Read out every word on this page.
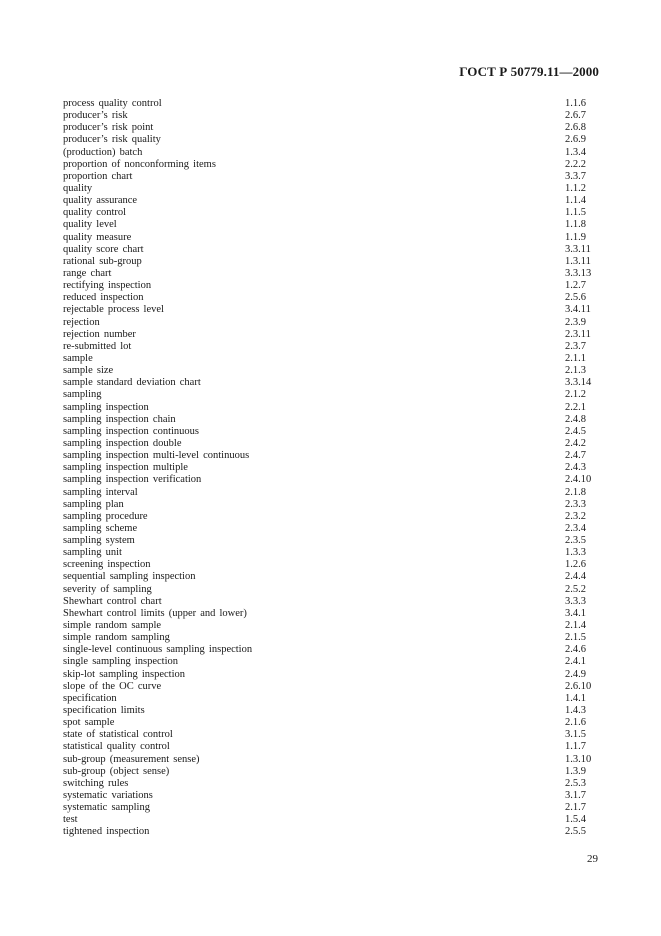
ГОСТ Р 50779.11—2000
process quality control	1.1.6
producer’s risk	2.6.7
producer’s risk point	2.6.8
producer’s risk quality	2.6.9
(production) batch	1.3.4
proportion of nonconforming items	2.2.2
proportion chart	3.3.7
quality	1.1.2
quality assurance	1.1.4
quality control	1.1.5
quality level	1.1.8
quality measure	1.1.9
quality score chart	3.3.11
rational sub-group	1.3.11
range chart	3.3.13
rectifying inspection	1.2.7
reduced inspection	2.5.6
rejectable process level	3.4.11
rejection	2.3.9
rejection number	2.3.11
re-submitted lot	2.3.7
sample	2.1.1
sample size	2.1.3
sample standard deviation chart	3.3.14
sampling	2.1.2
sampling inspection	2.2.1
sampling inspection chain	2.4.8
sampling inspection continuous	2.4.5
sampling inspection double	2.4.2
sampling inspection multi-level continuous	2.4.7
sampling inspection multiple	2.4.3
sampling inspection verification	2.4.10
sampling interval	2.1.8
sampling plan	2.3.3
sampling procedure	2.3.2
sampling scheme	2.3.4
sampling system	2.3.5
sampling unit	1.3.3
screening inspection	1.2.6
sequential sampling inspection	2.4.4
severity of sampling	2.5.2
Shewhart control chart	3.3.3
Shewhart control limits (upper and lower)	3.4.1
simple random sample	2.1.4
simple random sampling	2.1.5
single-level continuous sampling inspection	2.4.6
single sampling inspection	2.4.1
skip-lot sampling inspection	2.4.9
slope of the OC curve	2.6.10
specification	1.4.1
specification limits	1.4.3
spot sample	2.1.6
state of statistical control	3.1.5
statistical quality control	1.1.7
sub-group (measurement sense)	1.3.10
sub-group (object sense)	1.3.9
switching rules	2.5.3
systematic variations	3.1.7
systematic sampling	2.1.7
test	1.5.4
tightened inspection	2.5.5
29
